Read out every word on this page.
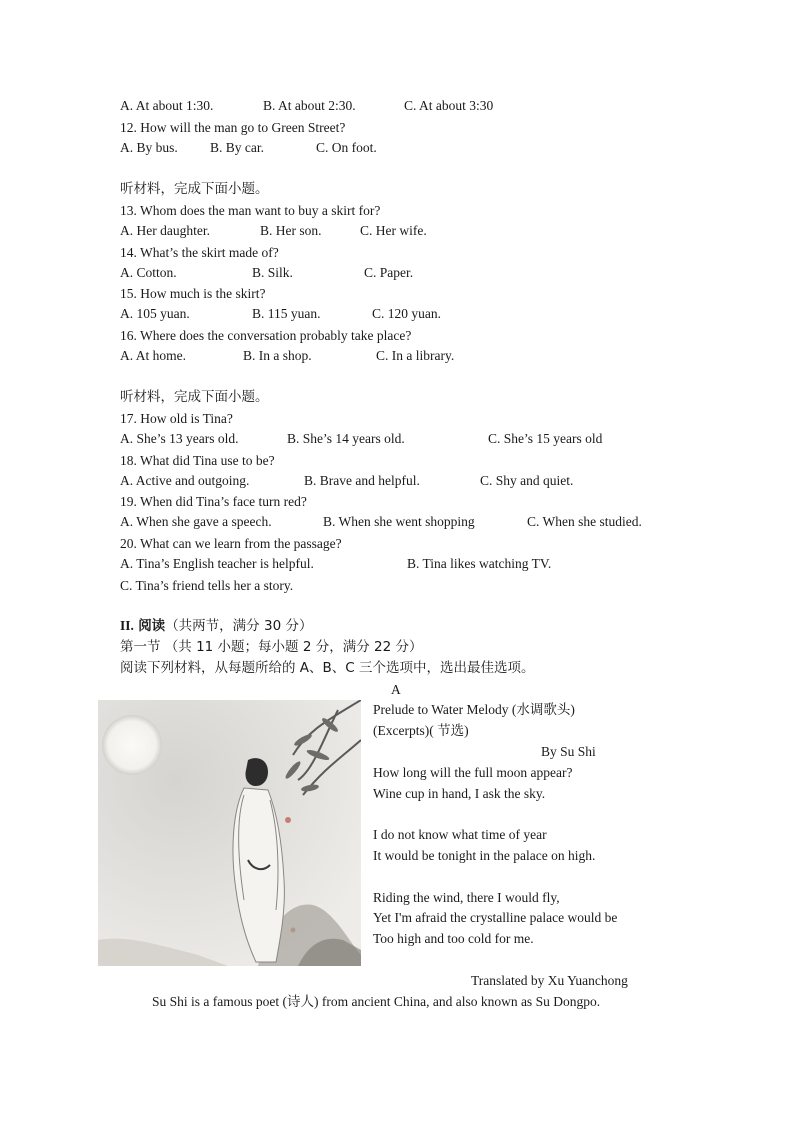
A. At about 1:30.	B. At about 2:30.	C. At about 3:30
12. How will the man go to Green Street?
A. By bus. B. By car.	C. On foot.
听材料，完成下面小题。
13. Whom does the man want to buy a skirt for?
A. Her daughter.	B. Her son.	C. Her wife.
14. What’s the skirt made of?
A. Cotton.	B. Silk.	C. Paper.
15. How much is the skirt?
A. 105 yuan.	B. 115 yuan.	C. 120 yuan.
16. Where does the conversation probably take place?
A. At home.	B. In a shop.	C. In a library.
听材料，完成下面小题。
17. How old is Tina?
A. She’s 13 years old.	B. She’s 14 years old.	C. She’s 15 years old
18. What did Tina use to be?
A. Active and outgoing.	B. Brave and helpful.	C. Shy and quiet.
19. When did Tina’s face turn red?
A. When she gave a speech.	B. When she went shopping	C. When she studied.
20. What can we learn from the passage?
A. Tina’s English teacher is helpful.	B. Tina likes watching TV.
C. Tina’s friend tells her a story.
II. 阅读（共两节，满分 30 分）
第一节 （共 11 小题；每小题 2 分，满分 22 分）
阅读下列材料，从每题所给的 A、B、C 三个选项中，选出最佳选项。
A
Prelude to Water Melody (水调歌头)
(Excerpts)( 节选)
By Su Shi
How long will the full moon appear?
Wine cup in hand, I ask the sky.
I do not know what time of year
It would be tonight in the palace on high.
Riding the wind, there I would fly,
Yet I'm afraid the crystalline palace would be
Too high and too cold for me.
Translated by Xu Yuanchong
Su Shi is a famous poet (诗人) from ancient China, and also known as Su Dongpo.
